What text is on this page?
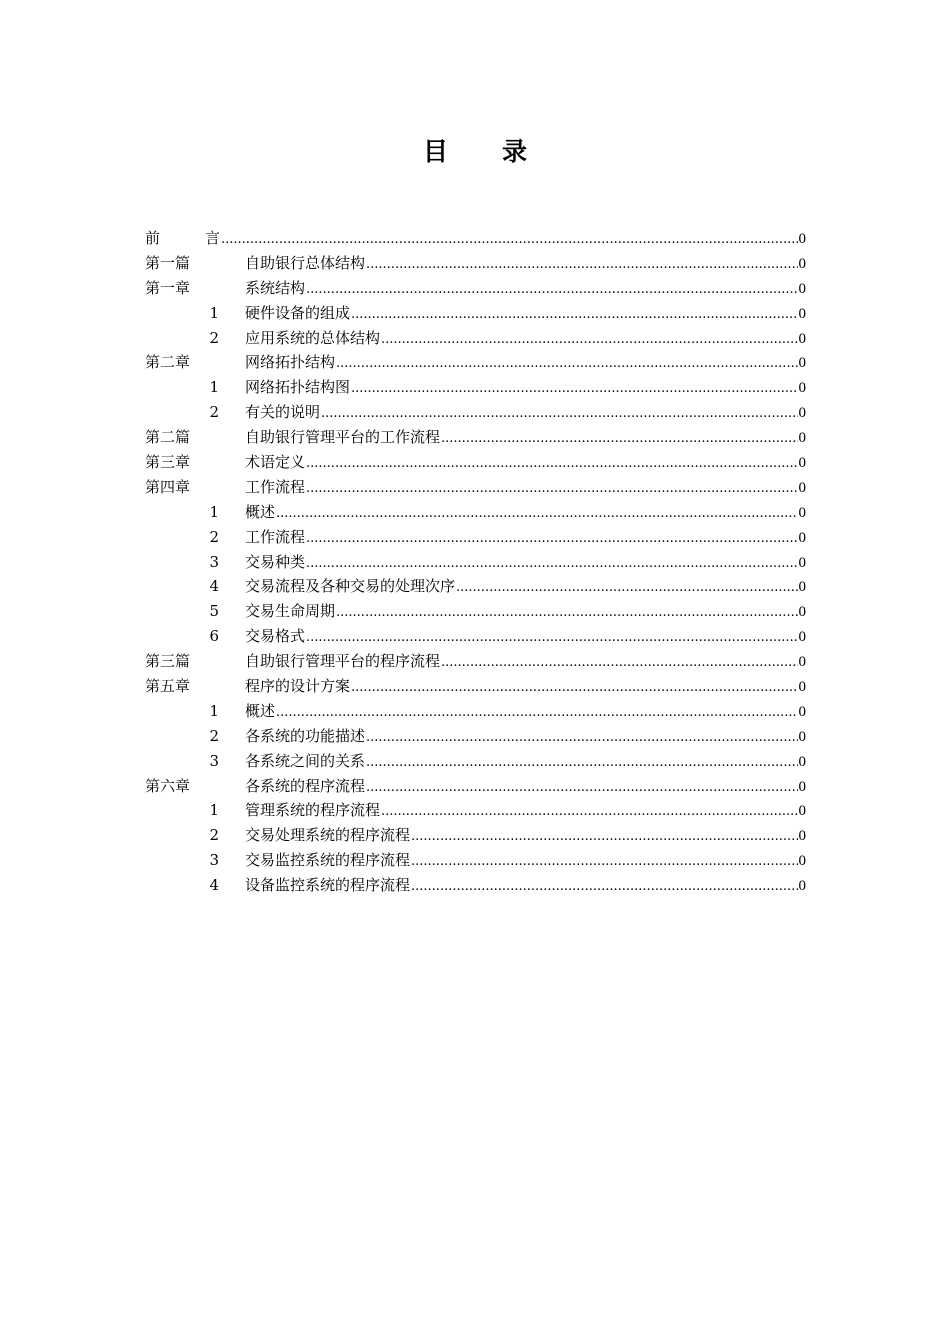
目 录
前	言 .....	0
第一篇	自助银行总体结构 .....	0
第一章	系统结构 .....	0
1	硬件设备的组成 .....	0
2	应用系统的总体结构 .....	0
第二章	网络拓扑结构 .....	0
1	网络拓扑结构图 .....	0
2	有关的说明 .....	0
第二篇	自助银行管理平台的工作流程 .....	0
第三章	术语定义 .....	0
第四章	工作流程 .....	0
1	概述 .....	0
2	工作流程 .....	0
3	交易种类 .....	0
4	交易流程及各种交易的处理次序 .....	0
5	交易生命周期 .....	0
6	交易格式 .....	0
第三篇	自助银行管理平台的程序流程 .....	0
第五章	程序的设计方案 .....	0
1	概述 .....	0
2	各系统的功能描述 .....	0
3	各系统之间的关系 .....	0
第六章	各系统的程序流程 .....	0
1	管理系统的程序流程 .....	0
2	交易处理系统的程序流程 .....	0
3	交易监控系统的程序流程 .....	0
4	设备监控系统的程序流程 .....	0
